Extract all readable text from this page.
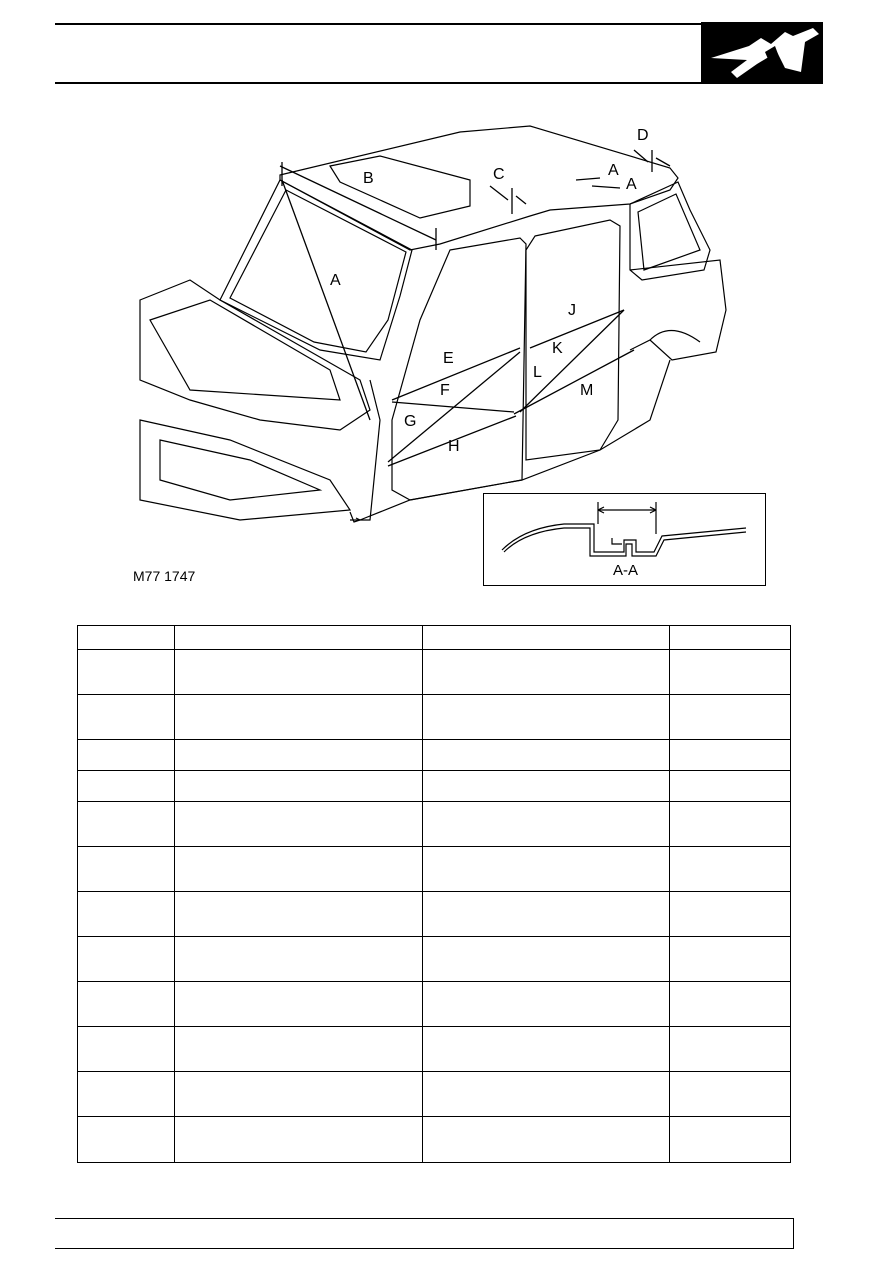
A
B	C	A
A
D
E
F
G
H
J
K
L
M
M77 1747	A-A
